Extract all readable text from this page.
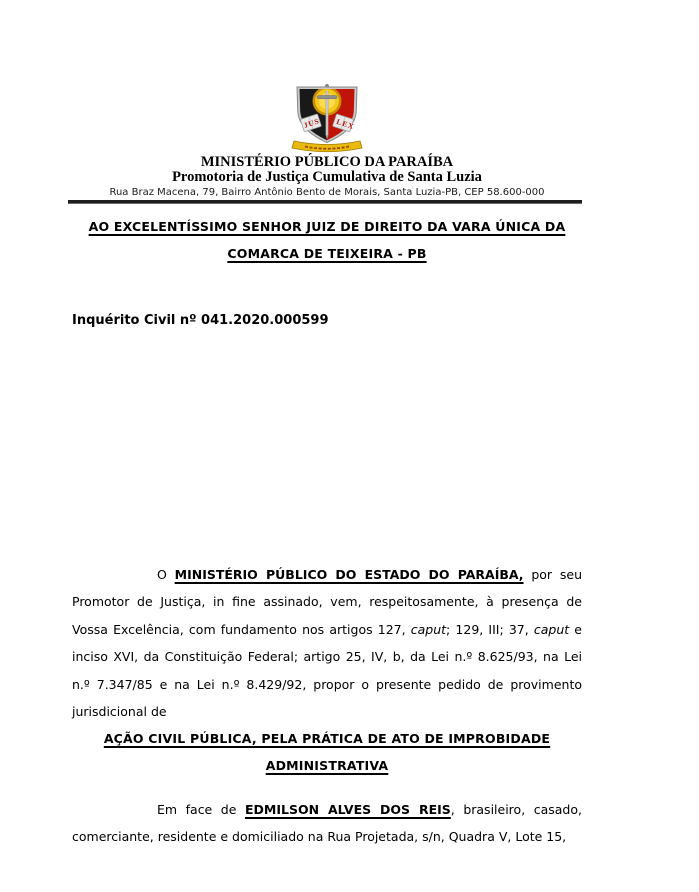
JUS LEX
MINISTÉRIO PÚBLICO DA PARAÍBA
Promotoria de Justiça Cumulativa de Santa Luzia
Rua Braz Macena, 79, Bairro Antônio Bento de Morais, Santa Luzia-PB, CEP 58.600-000
AO EXCELENTÍSSIMO SENHOR JUIZ DE DIREITO DA VARA ÚNICA DA
COMARCA DE TEIXEIRA - PB
Inquérito Civil nº 041.2020.000599

O MINISTÉRIO PÚBLICO DO ESTADO DO PARAÍBA, por seu Promotor de Justiça, in fine assinado, vem, respeitosamente, à presença de Vossa Excelência, com fundamento nos artigos 127, caput; 129, III; 37, caput e inciso XVI, da Constituição Federal; artigo 25, IV, b, da Lei n.º 8.625/93, na Lei n.º 7.347/85 e na Lei n.º 8.429/92, propor o presente pedido de provimento jurisdicional de

AÇÃO CIVIL PÚBLICA, PELA PRÁTICA DE ATO DE IMPROBIDADE
ADMINISTRATIVA

Em face de EDMILSON ALVES DOS REIS, brasileiro, casado, comerciante, residente e domiciliado na Rua Projetada, s/n, Quadra V, Lote 15,
